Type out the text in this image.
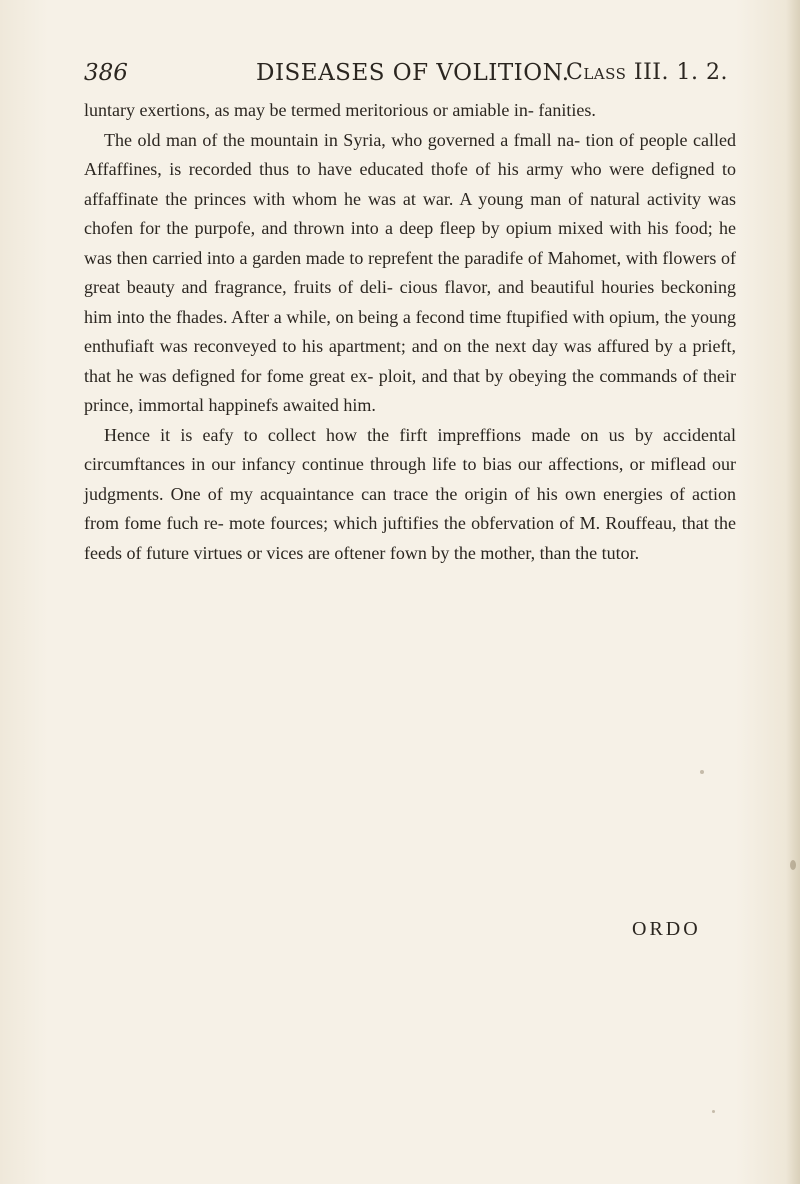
386	DISEASES OF VOLITION.
Class III. 1. 2.

luntary exertions, as may be termed meritorious or amiable in- fanities.

The old man of the mountain in Syria, who governed a fmall na- tion of people called Affaffines, is recorded thus to have educated thofe of his army who were defigned to affaffinate the princes with whom he was at war. A young man of natural activity was chofen for the purpofe, and thrown into a deep fleep by opium mixed with his food; he was then carried into a garden made to reprefent the paradife of Mahomet, with flowers of great beauty and fragrance, fruits of deli- cious flavor, and beautiful houries beckoning him into the fhades. After a while, on being a fecond time ftupified with opium, the young enthufiaft was reconveyed to his apartment; and on the next day was affured by a prieft, that he was defigned for fome great ex- ploit, and that by obeying the commands of their prince, immortal happinefs awaited him.

Hence it is eafy to collect how the firft impreffions made on us by accidental circumftances in our infancy continue through life to bias our affections, or miflead our judgments. One of my acquaintance can trace the origin of his own energies of action from fome fuch re- mote fources; which juftifies the obfervation of M. Rouffeau, that the feeds of future virtues or vices are oftener fown by the mother, than the tutor.

ORDO
